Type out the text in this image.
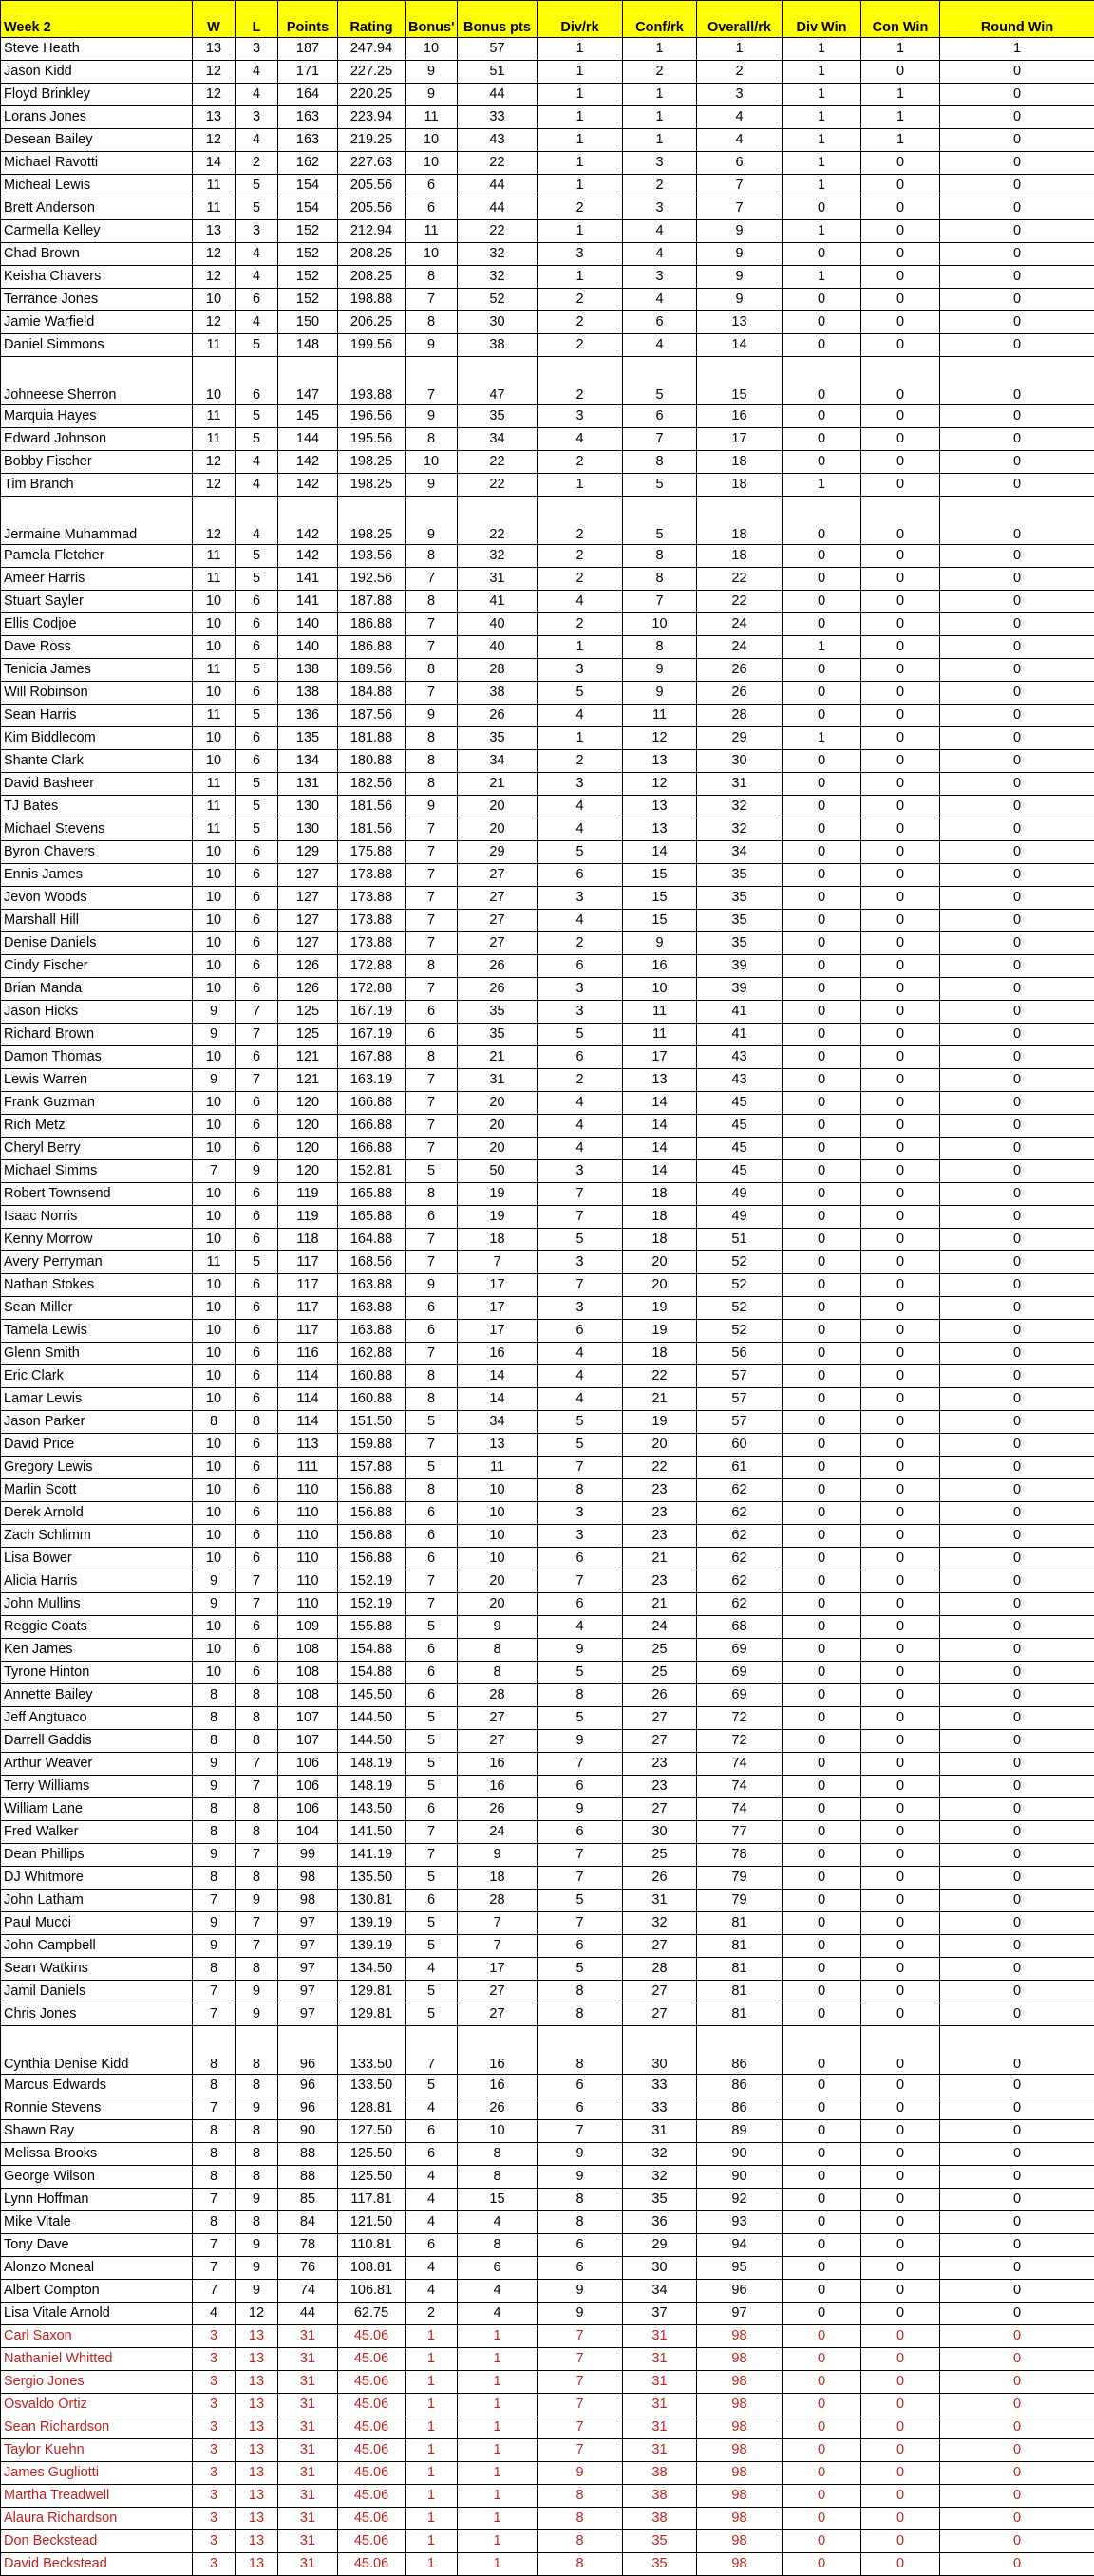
Week 2	W	L	Points	Rating	Bonus'	Bonus pts	Div/rk	Conf/rk	Overall/rk	Div Win	Con Win	Round Win
Steve Heath	13	3	187	247.94	10	57	1	1	1	1	1	1
Jason Kidd	12	4	171	227.25	9	51	1	2	2	1	0	0
Floyd Brinkley	12	4	164	220.25	9	44	1	1	3	1	1	0
Lorans Jones	13	3	163	223.94	11	33	1	1	4	1	1	0
Desean Bailey	12	4	163	219.25	10	43	1	1	4	1	1	0
Michael Ravotti	14	2	162	227.63	10	22	1	3	6	1	0	0
Micheal Lewis	11	5	154	205.56	6	44	1	2	7	1	0	0
Brett Anderson	11	5	154	205.56	6	44	2	3	7	0	0	0
Carmella Kelley	13	3	152	212.94	11	22	1	4	9	1	0	0
Chad Brown	12	4	152	208.25	10	32	3	4	9	0	0	0
Keisha Chavers	12	4	152	208.25	8	32	1	3	9	1	0	0
Terrance Jones	10	6	152	198.88	7	52	2	4	9	0	0	0
Jamie Warfield	12	4	150	206.25	8	30	2	6	13	0	0	0
Daniel Simmons	11	5	148	199.56	9	38	2	4	14	0	0	0
Johneese Sherron	10	6	147	193.88	7	47	2	5	15	0	0	0
Marquia Hayes	11	5	145	196.56	9	35	3	6	16	0	0	0
Edward Johnson	11	5	144	195.56	8	34	4	7	17	0	0	0
Bobby Fischer	12	4	142	198.25	10	22	2	8	18	0	0	0
Tim Branch	12	4	142	198.25	9	22	1	5	18	1	0	0
Jermaine Muhammad	12	4	142	198.25	9	22	2	5	18	0	0	0
Pamela Fletcher	11	5	142	193.56	8	32	2	8	18	0	0	0
Ameer Harris	11	5	141	192.56	7	31	2	8	22	0	0	0
Stuart Sayler	10	6	141	187.88	8	41	4	7	22	0	0	0
Ellis Codjoe	10	6	140	186.88	7	40	2	10	24	0	0	0
Dave Ross	10	6	140	186.88	7	40	1	8	24	1	0	0
Tenicia James	11	5	138	189.56	8	28	3	9	26	0	0	0
Will Robinson	10	6	138	184.88	7	38	5	9	26	0	0	0
Sean Harris	11	5	136	187.56	9	26	4	11	28	0	0	0
Kim Biddlecom	10	6	135	181.88	8	35	1	12	29	1	0	0
Shante Clark	10	6	134	180.88	8	34	2	13	30	0	0	0
David Basheer	11	5	131	182.56	8	21	3	12	31	0	0	0
TJ Bates	11	5	130	181.56	9	20	4	13	32	0	0	0
Michael Stevens	11	5	130	181.56	7	20	4	13	32	0	0	0
Byron Chavers	10	6	129	175.88	7	29	5	14	34	0	0	0
Ennis James	10	6	127	173.88	7	27	6	15	35	0	0	0
Jevon Woods	10	6	127	173.88	7	27	3	15	35	0	0	0
Marshall Hill	10	6	127	173.88	7	27	4	15	35	0	0	0
Denise Daniels	10	6	127	173.88	7	27	2	9	35	0	0	0
Cindy Fischer	10	6	126	172.88	8	26	6	16	39	0	0	0
Brian Manda	10	6	126	172.88	7	26	3	10	39	0	0	0
Jason Hicks	9	7	125	167.19	6	35	3	11	41	0	0	0
Richard Brown	9	7	125	167.19	6	35	5	11	41	0	0	0
Damon Thomas	10	6	121	167.88	8	21	6	17	43	0	0	0
Lewis Warren	9	7	121	163.19	7	31	2	13	43	0	0	0
Frank Guzman	10	6	120	166.88	7	20	4	14	45	0	0	0
Rich Metz	10	6	120	166.88	7	20	4	14	45	0	0	0
Cheryl Berry	10	6	120	166.88	7	20	4	14	45	0	0	0
Michael Simms	7	9	120	152.81	5	50	3	14	45	0	0	0
Robert Townsend	10	6	119	165.88	8	19	7	18	49	0	0	0
Isaac Norris	10	6	119	165.88	6	19	7	18	49	0	0	0
Kenny Morrow	10	6	118	164.88	7	18	5	18	51	0	0	0
Avery Perryman	11	5	117	168.56	7	7	3	20	52	0	0	0
Nathan Stokes	10	6	117	163.88	9	17	7	20	52	0	0	0
Sean Miller	10	6	117	163.88	6	17	3	19	52	0	0	0
Tamela Lewis	10	6	117	163.88	6	17	6	19	52	0	0	0
Glenn Smith	10	6	116	162.88	7	16	4	18	56	0	0	0
Eric Clark	10	6	114	160.88	8	14	4	22	57	0	0	0
Lamar Lewis	10	6	114	160.88	8	14	4	21	57	0	0	0
Jason Parker	8	8	114	151.50	5	34	5	19	57	0	0	0
David Price	10	6	113	159.88	7	13	5	20	60	0	0	0
Gregory Lewis	10	6	111	157.88	5	11	7	22	61	0	0	0
Marlin Scott	10	6	110	156.88	8	10	8	23	62	0	0	0
Derek Arnold	10	6	110	156.88	6	10	3	23	62	0	0	0
Zach Schlimm	10	6	110	156.88	6	10	3	23	62	0	0	0
Lisa Bower	10	6	110	156.88	6	10	6	21	62	0	0	0
Alicia Harris	9	7	110	152.19	7	20	7	23	62	0	0	0
John Mullins	9	7	110	152.19	7	20	6	21	62	0	0	0
Reggie Coats	10	6	109	155.88	5	9	4	24	68	0	0	0
Ken James	10	6	108	154.88	6	8	9	25	69	0	0	0
Tyrone Hinton	10	6	108	154.88	6	8	5	25	69	0	0	0
Annette Bailey	8	8	108	145.50	6	28	8	26	69	0	0	0
Jeff Angtuaco	8	8	107	144.50	5	27	5	27	72	0	0	0
Darrell Gaddis	8	8	107	144.50	5	27	9	27	72	0	0	0
Arthur Weaver	9	7	106	148.19	5	16	7	23	74	0	0	0
Terry Williams	9	7	106	148.19	5	16	6	23	74	0	0	0
William Lane	8	8	106	143.50	6	26	9	27	74	0	0	0
Fred Walker	8	8	104	141.50	7	24	6	30	77	0	0	0
Dean Phillips	9	7	99	141.19	7	9	7	25	78	0	0	0
DJ Whitmore	8	8	98	135.50	5	18	7	26	79	0	0	0
John Latham	7	9	98	130.81	6	28	5	31	79	0	0	0
Paul Mucci	9	7	97	139.19	5	7	7	32	81	0	0	0
John Campbell	9	7	97	139.19	5	7	6	27	81	0	0	0
Sean Watkins	8	8	97	134.50	4	17	5	28	81	0	0	0
Jamil Daniels	7	9	97	129.81	5	27	8	27	81	0	0	0
Chris Jones	7	9	97	129.81	5	27	8	27	81	0	0	0
Cynthia Denise Kidd	8	8	96	133.50	7	16	8	30	86	0	0	0
Marcus Edwards	8	8	96	133.50	5	16	6	33	86	0	0	0
Ronnie Stevens	7	9	96	128.81	4	26	6	33	86	0	0	0
Shawn Ray	8	8	90	127.50	6	10	7	31	89	0	0	0
Melissa Brooks	8	8	88	125.50	6	8	9	32	90	0	0	0
George Wilson	8	8	88	125.50	4	8	9	32	90	0	0	0
Lynn Hoffman	7	9	85	117.81	4	15	8	35	92	0	0	0
Mike Vitale	8	8	84	121.50	4	4	8	36	93	0	0	0
Tony Dave	7	9	78	110.81	6	8	6	29	94	0	0	0
Alonzo Mcneal	7	9	76	108.81	4	6	6	30	95	0	0	0
Albert Compton	7	9	74	106.81	4	4	9	34	96	0	0	0
Lisa Vitale Arnold	4	12	44	62.75	2	4	9	37	97	0	0	0
Carl Saxon	3	13	31	45.06	1	1	7	31	98	0	0	0
Nathaniel Whitted	3	13	31	45.06	1	1	7	31	98	0	0	0
Sergio Jones	3	13	31	45.06	1	1	7	31	98	0	0	0
Osvaldo Ortiz	3	13	31	45.06	1	1	7	31	98	0	0	0
Sean Richardson	3	13	31	45.06	1	1	7	31	98	0	0	0
Taylor Kuehn	3	13	31	45.06	1	1	7	31	98	0	0	0
James Gugliotti	3	13	31	45.06	1	1	9	38	98	0	0	0
Martha Treadwell	3	13	31	45.06	1	1	8	38	98	0	0	0
Alaura Richardson	3	13	31	45.06	1	1	8	38	98	0	0	0
Don Beckstead	3	13	31	45.06	1	1	8	35	98	0	0	0
David Beckstead	3	13	31	45.06	1	1	8	35	98	0	0	0
